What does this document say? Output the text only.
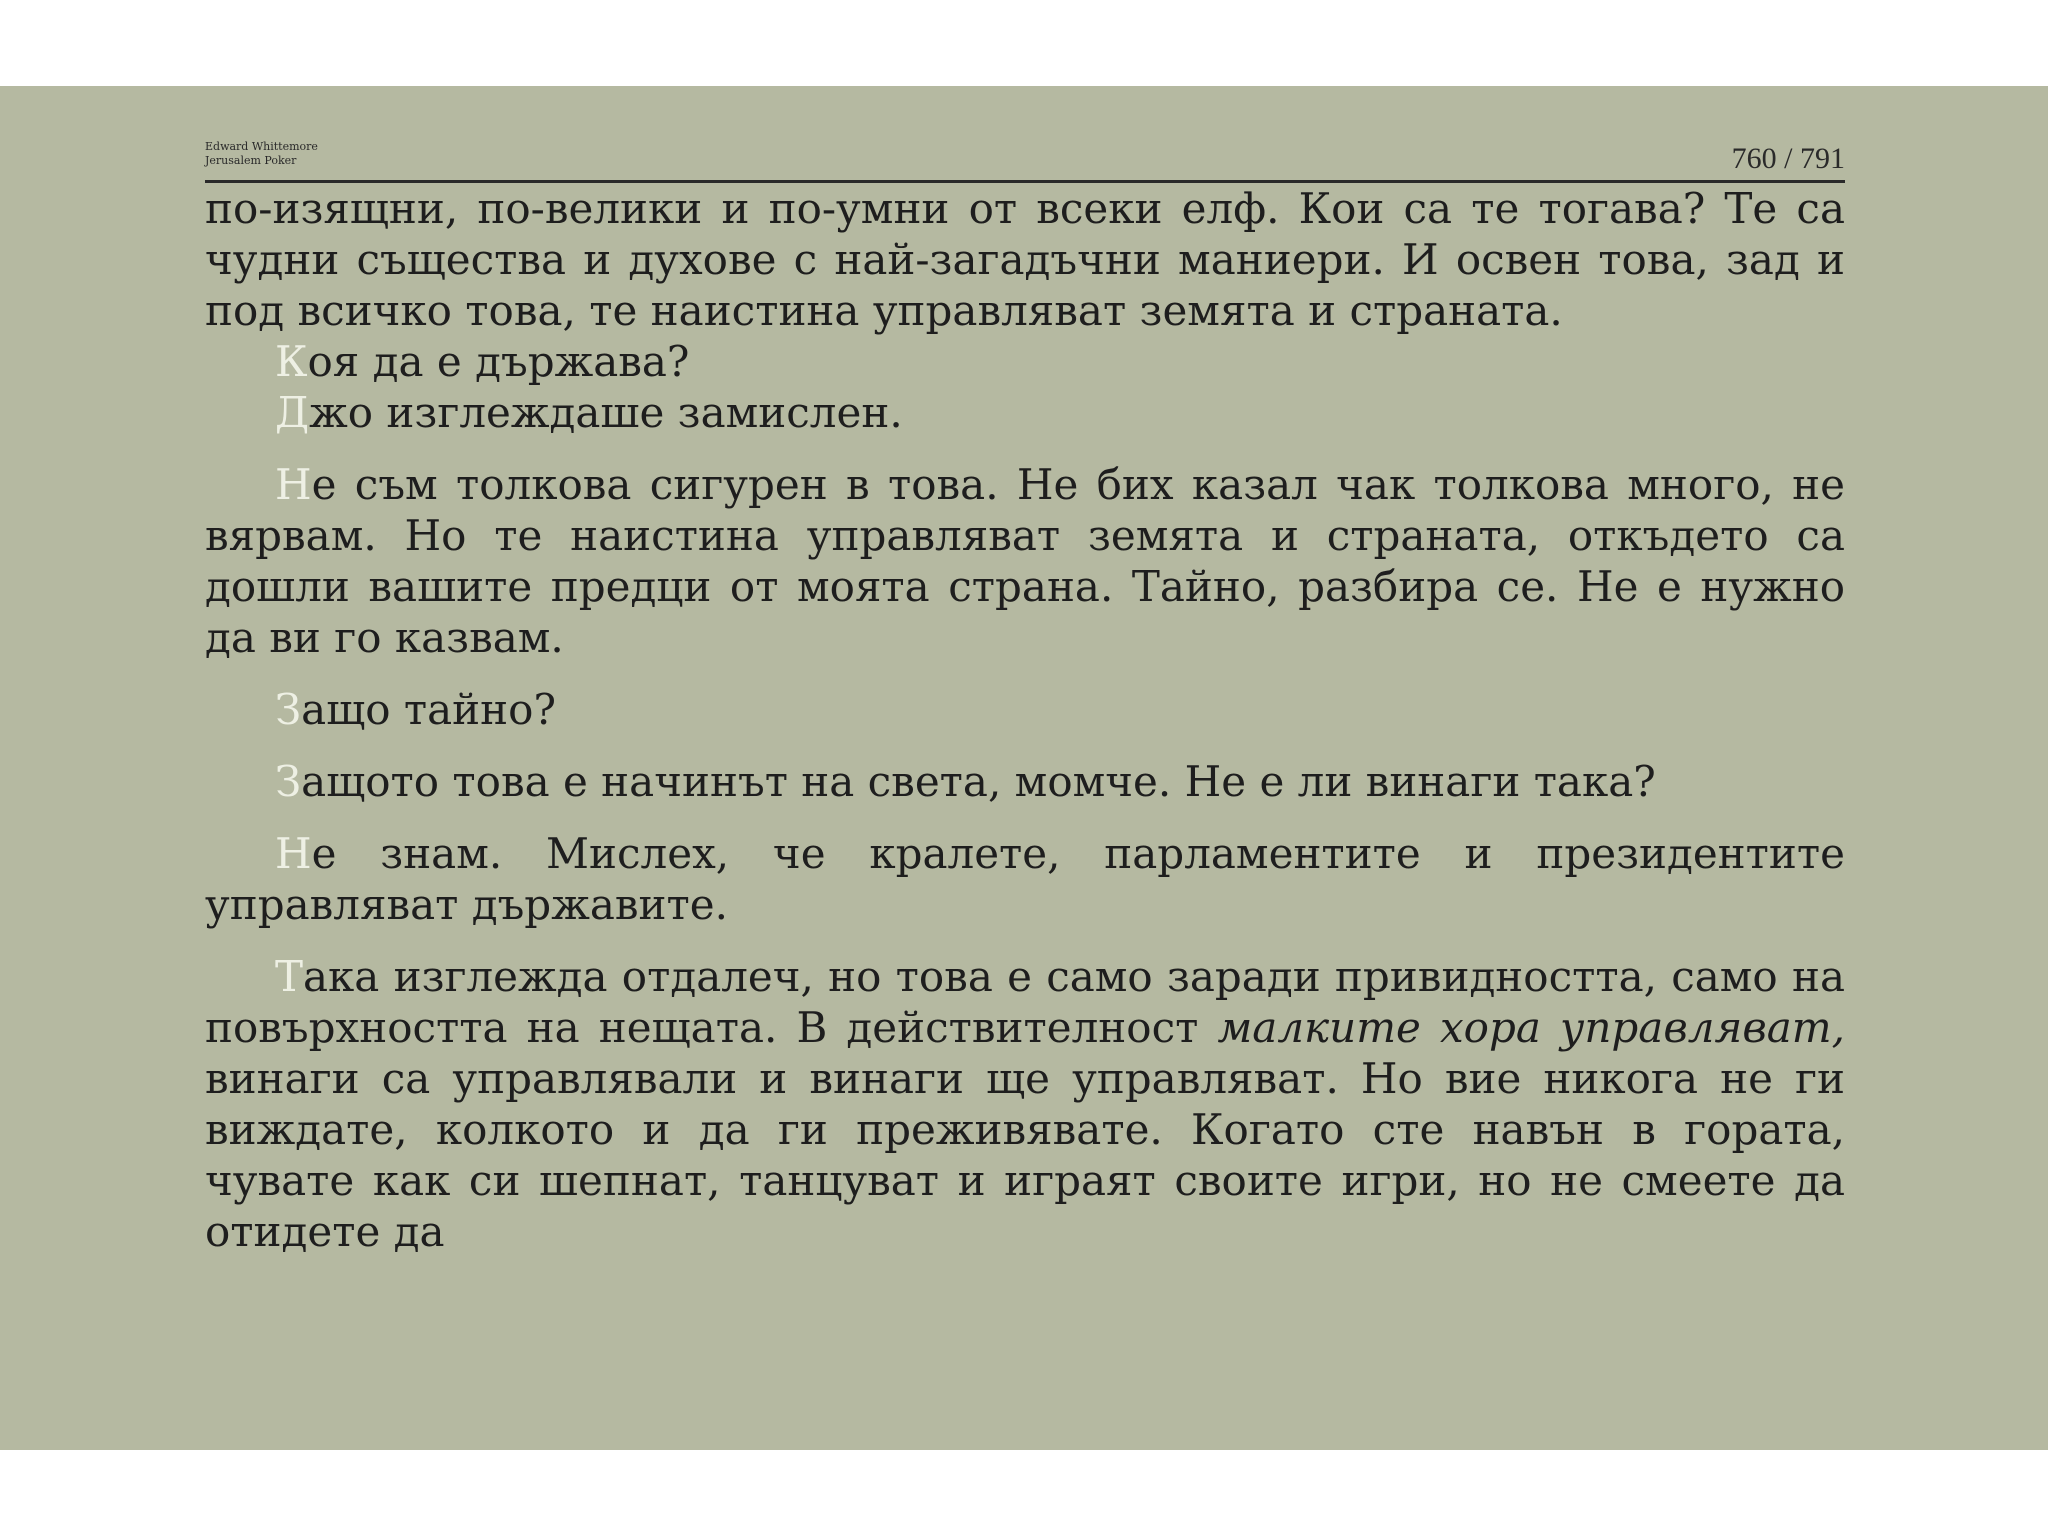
Edward Whittemore
Jerusalem Poker	760 / 791

по-изящни, по-велики и по-умни от всеки елф. Кои са те тогава? Те са чудни същества и духове с най-загадъчни маниери. И освен това, зад и под всичко това, те наистина управляват земята и страната.

Коя да е държава?

Джо изглеждаше замислен.

Не съм толкова сигурен в това. Не бих казал чак толкова много, не вярвам. Но те наистина управляват земята и страната, откъдето са дошли вашите предци от моята страна. Тайно, разбира се. Не е нужно да ви го казвам.

Защо тайно?

Защото това е начинът на света, момче. Не е ли винаги така?

Не знам. Мислех, че кралете, парламентите и президентите управляват държавите.

Така изглежда отдалеч, но това е само заради привидността, само на повърхността на нещата. В действителност малките хора управляват, винаги са управлявали и винаги ще управляват. Но вие никога не ги виждате, колкото и да ги преживявате. Когато сте навън в гората, чувате как си шепнат, танцуват и играят своите игри, но не смеете да отидете да
